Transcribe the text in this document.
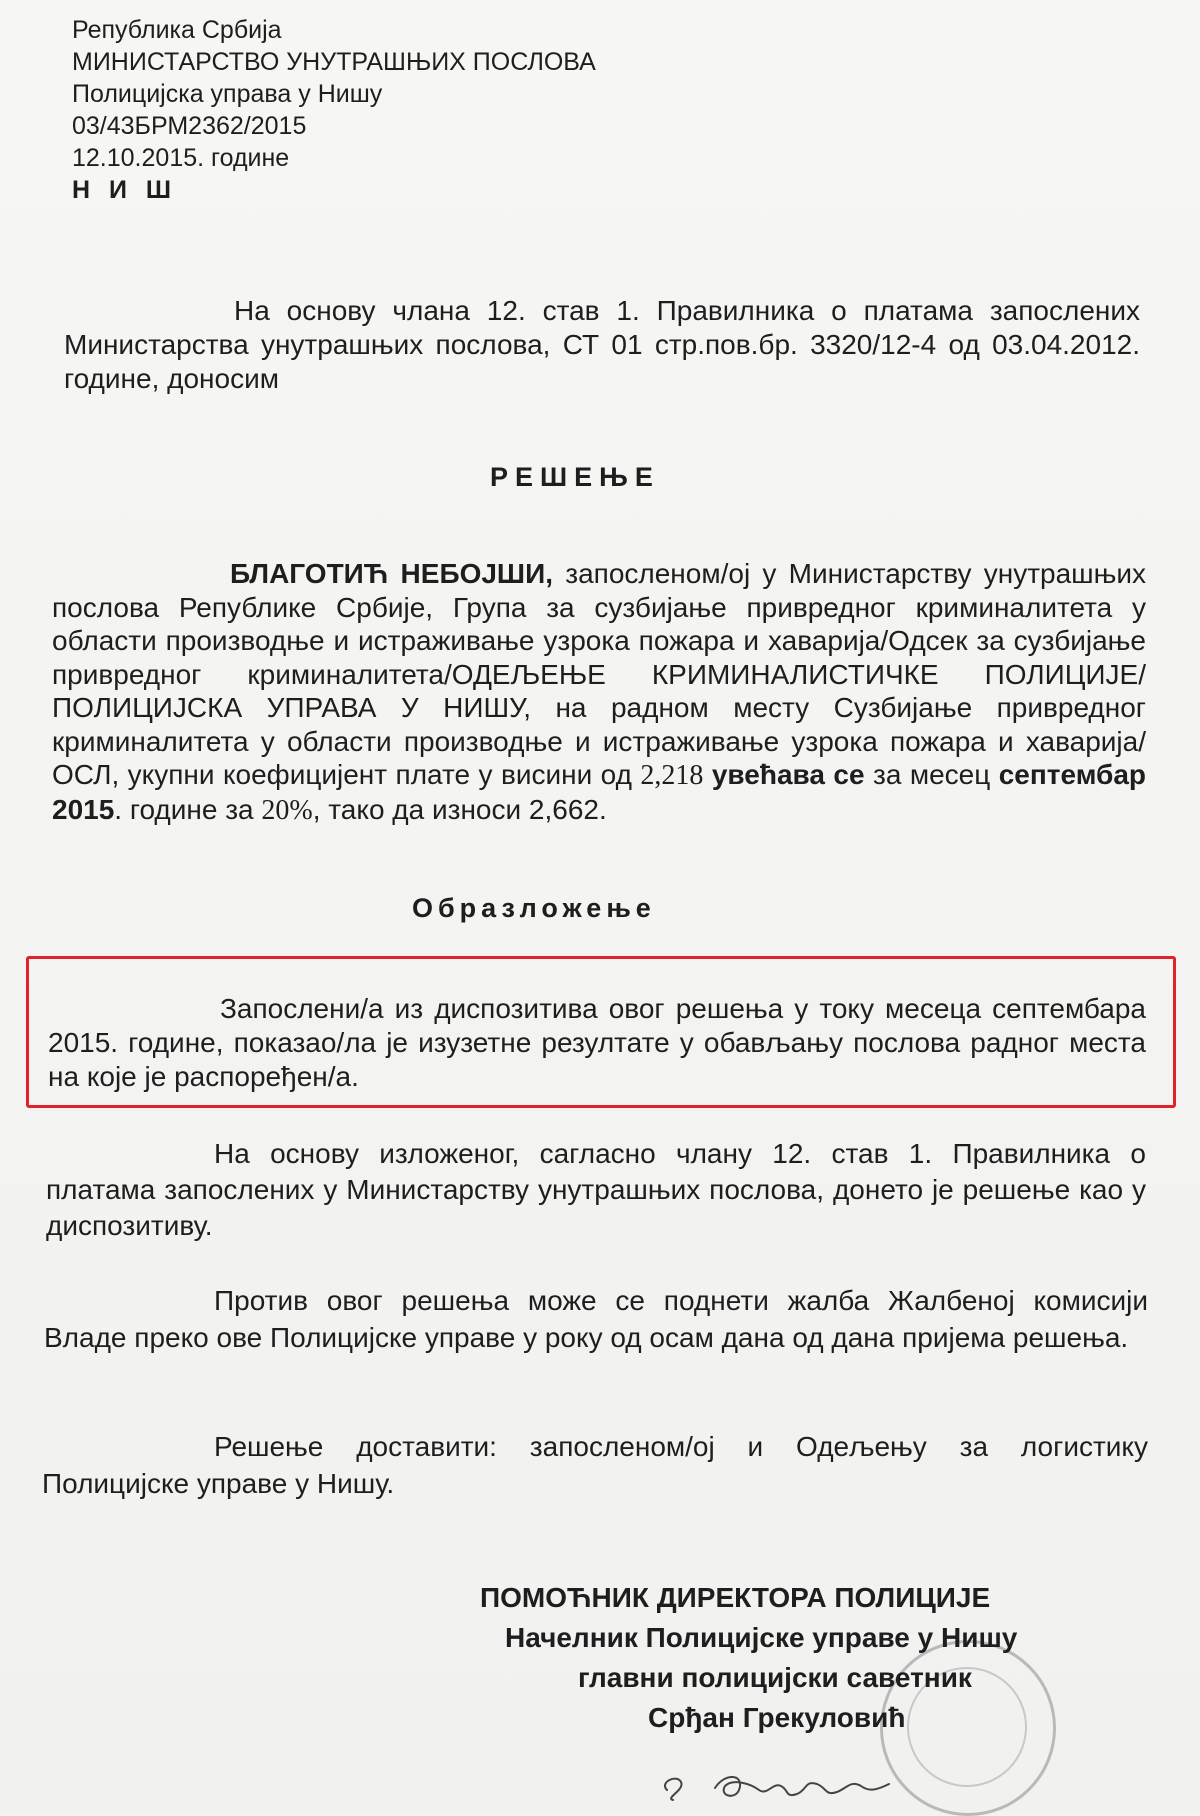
Република Србија
МИНИСТАРСТВО УНУТРАШЊИХ ПОСЛОВА
Полицијска управа у Нишу
03/43БРМ2362/2015
12.10.2015. године
Н И Ш
На основу члана 12. став 1. Правилника о платама запослених Министарства унутрашњих послова, СТ 01 стр.пов.бр. 3320/12-4 од 03.04.2012. године, доносим
РЕШЕЊЕ
БЛАГОТИЋ НЕБОЈШИ, запосленом/ој у Министарству унутрашњих послова Републике Србије, Група за сузбијање привредног криминалитета у области производње и истраживање узрока пожара и хаварија/Одсек за сузбијање привредног криминалитета/ОДЕЉЕЊЕ КРИМИНАЛИСТИЧКЕ ПОЛИЦИЈЕ/ПОЛИЦИЈСКА УПРАВА У НИШУ, на радном месту Сузбијање привредног криминалитета у области производње и истраживање узрока пожара и хаварија/ОСЛ, укупни коефицијент плате у висини од 2,218 увећава се за месец септембар 2015. године за 20%, тако да износи 2,662.
Образложење
Запослени/а из диспозитива овог решења у току месеца септембара 2015. године, показао/ла је изузетне резултате у обављању послова радног места на које је распоређен/а.
На основу изложеног, сагласно члану 12. став 1. Правилника о платама запослених у Министарству унутрашњих послова, донето је решење као у диспозитиву.
Против овог решења може се поднети жалба Жалбеној комисији Владе преко ове Полицијске управе у року од осам дана од дана пријема решења.
Решење доставити: запосленом/ој и Одељењу за логистику Полицијске управе у Нишу.
ПОМОЋНИК ДИРЕКТОРА ПОЛИЦИЈЕ
Начелник Полицијске управе у Нишу
главни полицијски саветник
Срђан Грекуловић
